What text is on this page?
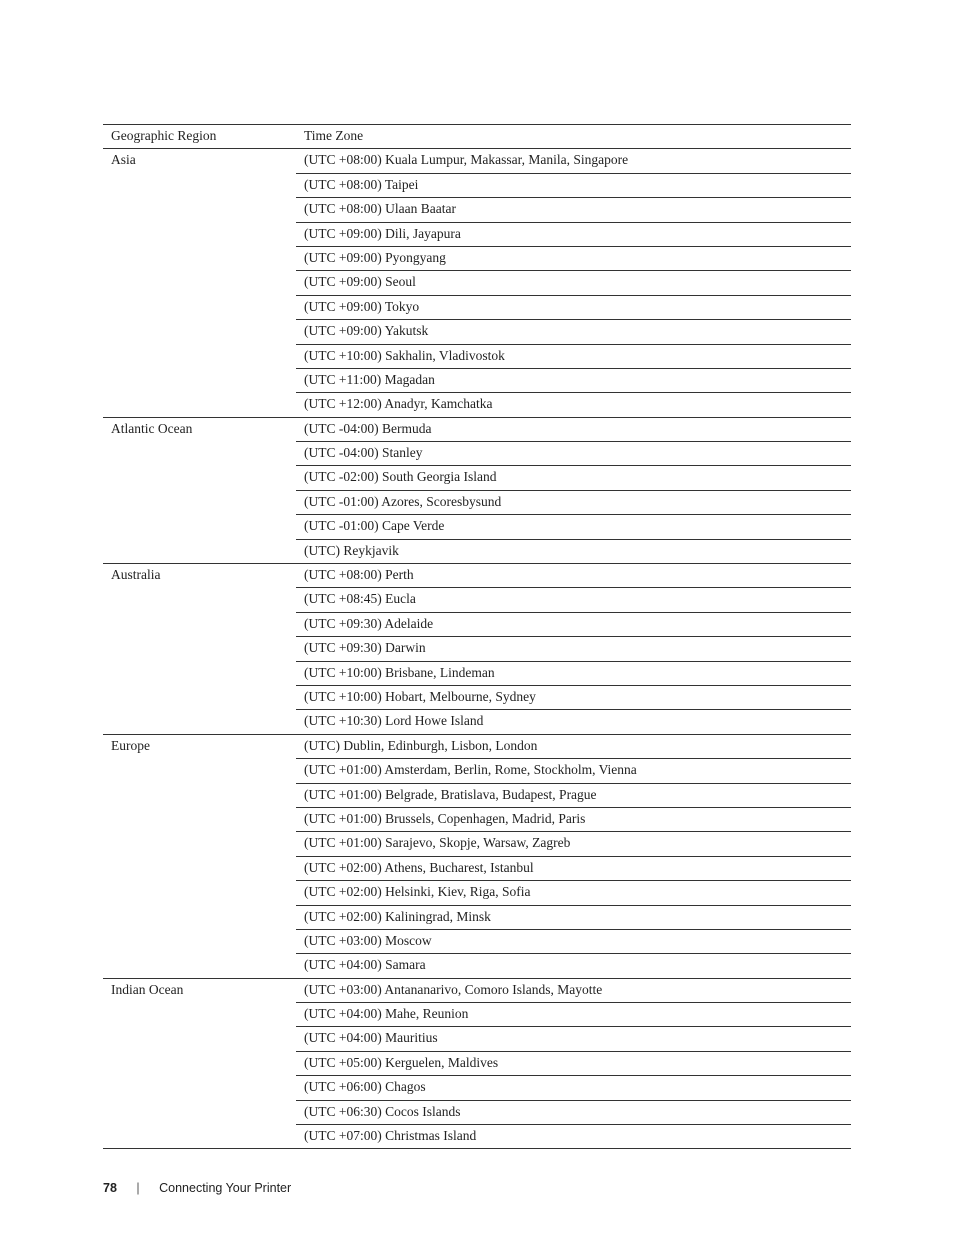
Geographic Region	Time Zone
Asia	(UTC +08:00) Kuala Lumpur, Makassar, Manila, Singapore
	(UTC +08:00) Taipei
	(UTC +08:00) Ulaan Baatar
	(UTC +09:00) Dili, Jayapura
	(UTC +09:00) Pyongyang
	(UTC +09:00) Seoul
	(UTC +09:00) Tokyo
	(UTC +09:00) Yakutsk
	(UTC +10:00) Sakhalin, Vladivostok
	(UTC +11:00) Magadan
	(UTC +12:00) Anadyr, Kamchatka
Atlantic Ocean	(UTC -04:00) Bermuda
	(UTC -04:00) Stanley
	(UTC -02:00) South Georgia Island
	(UTC -01:00) Azores, Scoresbysund
	(UTC -01:00) Cape Verde
	(UTC) Reykjavik
Australia	(UTC +08:00) Perth
	(UTC +08:45) Eucla
	(UTC +09:30) Adelaide
	(UTC +09:30) Darwin
	(UTC +10:00) Brisbane, Lindeman
	(UTC +10:00) Hobart, Melbourne, Sydney
	(UTC +10:30) Lord Howe Island
Europe	(UTC) Dublin, Edinburgh, Lisbon, London
	(UTC +01:00) Amsterdam, Berlin, Rome, Stockholm, Vienna
	(UTC +01:00) Belgrade, Bratislava, Budapest, Prague
	(UTC +01:00) Brussels, Copenhagen, Madrid, Paris
	(UTC +01:00) Sarajevo, Skopje, Warsaw, Zagreb
	(UTC +02:00) Athens, Bucharest, Istanbul
	(UTC +02:00) Helsinki, Kiev, Riga, Sofia
	(UTC +02:00) Kaliningrad, Minsk
	(UTC +03:00) Moscow
	(UTC +04:00) Samara
Indian Ocean	(UTC +03:00) Antananarivo, Comoro Islands, Mayotte
	(UTC +04:00) Mahe, Reunion
	(UTC +04:00) Mauritius
	(UTC +05:00) Kerguelen, Maldives
	(UTC +06:00) Chagos
	(UTC +06:30) Cocos Islands
	(UTC +07:00) Christmas Island
78 | Connecting Your Printer
